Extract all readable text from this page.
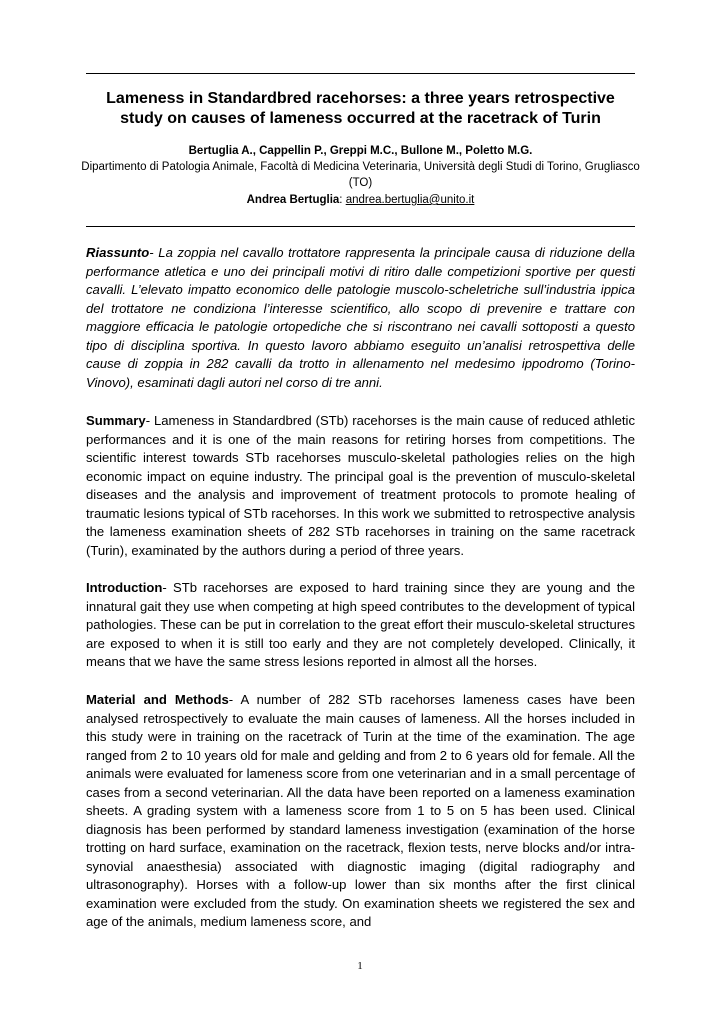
Lameness in Standardbred racehorses: a three years retrospective study on causes of lameness occurred at the racetrack of Turin
Bertuglia A., Cappellin P., Greppi M.C., Bullone M., Poletto M.G.
Dipartimento di Patologia Animale, Facoltà di Medicina Veterinaria, Università degli Studi di Torino, Grugliasco (TO)
Andrea Bertuglia: andrea.bertuglia@unito.it

Riassunto- La zoppia nel cavallo trottatore rappresenta la principale causa di riduzione della performance atletica e uno dei principali motivi di ritiro dalle competizioni sportive per questi cavalli. L’elevato impatto economico delle patologie muscolo-scheletriche sull’industria ippica del trottatore ne condiziona l’interesse scientifico, allo scopo di prevenire e trattare con maggiore efficacia le patologie ortopediche che si riscontrano nei cavalli sottoposti a questo tipo di disciplina sportiva. In questo lavoro abbiamo eseguito un’analisi retrospettiva delle cause di zoppia in 282 cavalli da trotto in allenamento nel medesimo ippodromo (Torino-Vinovo), esaminati dagli autori nel corso di tre anni.

Summary- Lameness in Standardbred (STb) racehorses is the main cause of reduced athletic performances and it is one of the main reasons for retiring horses from competitions. The scientific interest towards STb racehorses musculo-skeletal pathologies relies on the high economic impact on equine industry. The principal goal is the prevention of musculo-skeletal diseases and the analysis and improvement of treatment protocols to promote healing of traumatic lesions typical of STb racehorses. In this work we submitted to retrospective analysis the lameness examination sheets of 282 STb racehorses in training on the same racetrack (Turin), examinated by the authors during a period of three years.

Introduction- STb racehorses are exposed to hard training since they are young and the innatural gait they use when competing at high speed contributes to the development of typical pathologies. These can be put in correlation to the great effort their musculo-skeletal structures are exposed to when it is still too early and they are not completely developed. Clinically, it means that we have the same stress lesions reported in almost all the horses.

Material and Methods- A number of 282 STb racehorses lameness cases have been analysed retrospectively to evaluate the main causes of lameness. All the horses included in this study were in training on the racetrack of Turin at the time of the examination. The age ranged from 2 to 10 years old for male and gelding and from 2 to 6 years old for female. All the animals were evaluated for lameness score from one veterinarian and in a small percentage of cases from a second veterinarian. All the data have been reported on a lameness examination sheets. A grading system with a lameness score from 1 to 5 on 5 has been used. Clinical diagnosis has been performed by standard lameness investigation (examination of the horse trotting on hard surface, examination on the racetrack, flexion tests, nerve blocks and/or intra-synovial anaesthesia) associated with diagnostic imaging (digital radiography and ultrasonography). Horses with a follow-up lower than six months after the first clinical examination were excluded from the study. On examination sheets we registered the sex and age of the animals, medium lameness score, and

1
